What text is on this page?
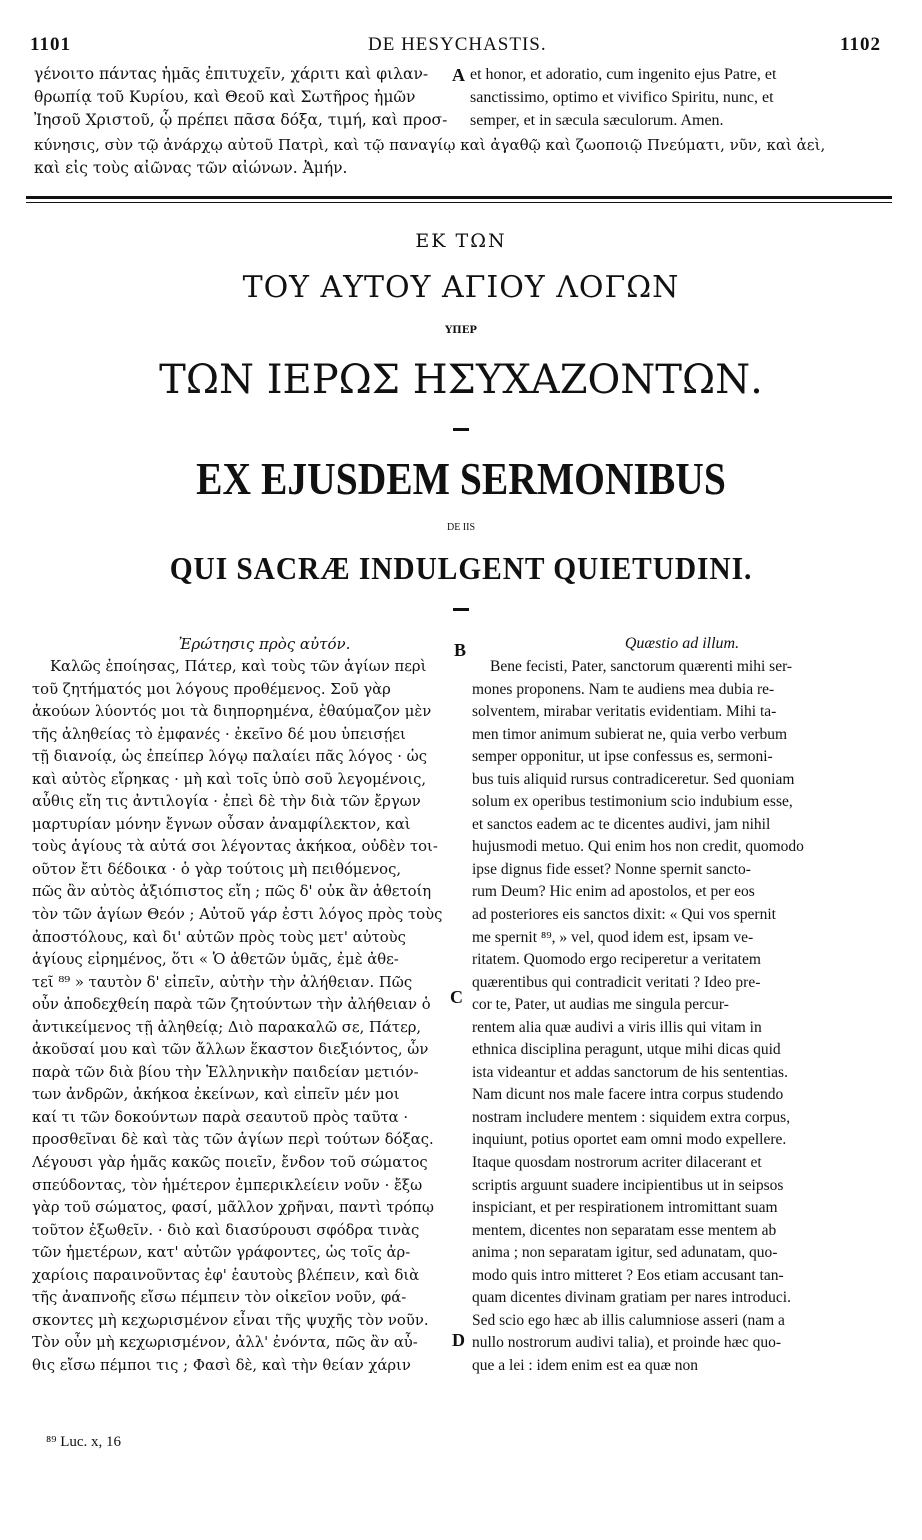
1101	DE HESYCHASTIS.	1102
γένοιτο πάντας ἡμᾶς ἐπιτυχεῖν, χάριτι καὶ φιλαν-
θρωπίᾳ τοῦ Κυρίου, καὶ Θεοῦ καὶ Σωτῆρος ἡμῶν
Ἰησοῦ Χριστοῦ, ᾧ πρέπει πᾶσα δόξα, τιμή, καὶ προσ-
κύνησις, σὺν τῷ ἀνάρχῳ αὐτοῦ Πατρὶ, καὶ τῷ παναγίῳ καὶ ἀγαθῷ καὶ ζωοποιῷ Πνεύματι, νῦν, καὶ ἀεὶ,
καὶ εἰς τοὺς αἰῶνας τῶν αἰώνων. Ἀμήν.
A et honor, et adoratio, cum ingenito ejus Patre, et
sanctissimo, optimo et vivifico Spiritu, nunc, et
semper, et in sæcula sæculorum. Amen.
ΕΚ ΤΩΝ
ΤΟΥ ΑΥΤΟΥ ΑΓΙΟΥ ΛΟΓΩΝ
ΥΠΕΡ
ΤΩΝ ΙΕΡΩΣ ΗΣΥΧΑΖΟΝΤΩΝ.
EX EJUSDEM SERMONIBUS
DE IIS
QUI SACRÆ INDULGENT QUIETUDINI.
Ἐρώτησις πρὸς αὐτόν.
Καλῶς ἐποίησας, Πάτερ, καὶ τοὺς τῶν ἁγίων περὶ
τοῦ ζητήματός μοι λόγους προθέμενος. Σοῦ γὰρ
ἀκούων λύοντός μοι τὰ διηπορημένα, ἐθαύμαζον μὲν
τῆς ἀληθείας τὸ ἐμφανές · ἐκεῖνο δέ μου ὑπεισῄει
τῇ διανοίᾳ, ὡς ἐπείπερ λόγῳ παλαίει πᾶς λόγος · ὡς
καὶ αὐτὸς εἴρηκας · μὴ καὶ τοῖς ὑπὸ σοῦ λεγομένοις,
αὖθις εἴη τις ἀντιλογία · ἐπεὶ δὲ τὴν διὰ τῶν ἔργων
μαρτυρίαν μόνην ἔγνων οὖσαν ἀναμφίλεκτον, καὶ
τοὺς ἁγίους τὰ αὐτά σοι λέγοντας ἀκήκοα, οὐδὲν τοι-
οῦτον ἔτι δέδοικα · ὁ γὰρ τούτοις μὴ πειθόμενος,
πῶς ἂν αὐτὸς ἀξιόπιστος εἴη ; πῶς δ' οὐκ ἂν ἀθετοίη
τὸν τῶν ἁγίων Θεόν ; Αὐτοῦ γάρ ἐστι λόγος πρὸς τοὺς
ἀποστόλους, καὶ δι' αὐτῶν πρὸς τοὺς μετ' αὐτοὺς
ἁγίους εἰρημένος, ὅτι « Ὁ ἀθετῶν ὑμᾶς, ἐμὲ ἀθε-
τεῖ ⁸⁹ » ταυτὸν δ' εἰπεῖν, αὐτὴν τὴν ἀλήθειαν. Πῶς
οὖν ἀποδεχθείη παρὰ τῶν ζητούντων τὴν ἀλήθειαν ὁ
ἀντικείμενος τῇ ἀληθείᾳ; Διὸ παρακαλῶ σε, Πάτερ,
ἀκοῦσαί μου καὶ τῶν ἄλλων ἕκαστον διεξιόντος, ὧν
παρὰ τῶν διὰ βίου τὴν Ἑλληνικὴν παιδείαν μετιόν-
των ἀνδρῶν, ἀκήκοα ἐκείνων, καὶ εἰπεῖν μέν μοι
καί τι τῶν δοκούντων παρὰ σεαυτοῦ πρὸς ταῦτα ·
προσθεῖναι δὲ καὶ τὰς τῶν ἁγίων περὶ τούτων δόξας.
Λέγουσι γὰρ ἡμᾶς κακῶς ποιεῖν, ἔνδον τοῦ σώματος
σπεύδοντας, τὸν ἡμέτερον ἐμπερικλείειν νοῦν · ἔξω
γὰρ τοῦ σώματος, φασί, μᾶλλον χρῆναι, παντὶ τρόπῳ
τοῦτον ἐξωθεῖν. · διὸ καὶ διασύρουσι σφόδρα τινὰς
τῶν ἡμετέρων, κατ' αὐτῶν γράφοντες, ὡς τοῖς ἀρ-
χαρίοις παραινοῦντας ἐφ' ἑαυτοὺς βλέπειν, καὶ διὰ
τῆς ἀναπνοῆς εἴσω πέμπειν τὸν οἰκεῖον νοῦν, φά-
σκοντες μὴ κεχωρισμένον εἶναι τῆς ψυχῆς τὸν νοῦν.
Τὸν οὖν μὴ κεχωρισμένον, ἀλλ' ἐνόντα, πῶς ἂν αὖ-
θις εἴσω πέμποι τις ; Φασὶ δὲ, καὶ τὴν θείαν χάριν
B
C
D
Quæstio ad illum.
Bene fecisti, Pater, sanctorum quærenti mihi ser-
mones proponens. Nam te audiens mea dubia re-
solventem, mirabar veritatis evidentiam. Mihi ta-
men timor animum subierat ne, quia verbo verbum
semper opponitur, ut ipse confessus es, sermoni-
bus tuis aliquid rursus contradiceretur. Sed quoniam
solum ex operibus testimonium scio indubium esse,
et sanctos eadem ac te dicentes audivi, jam nihil
hujusmodi metuo. Qui enim hos non credit, quomodo
ipse dignus fide esset? Nonne spernit sancto-
rum Deum? Hic enim ad apostolos, et per eos
ad posteriores eis sanctos dixit: « Qui vos spernit
me spernit ⁸⁹, » vel, quod idem est, ipsam ve-
ritatem. Quomodo ergo reciperetur a veritatem
quærentibus qui contradicit veritati ? Ideo pre-
cor te, Pater, ut audias me singula percur-
rentem alia quæ audivi a viris illis qui vitam in
ethnica disciplina peragunt, utque mihi dicas quid
ista videantur et addas sanctorum de his sententias.
Nam dicunt nos male facere intra corpus studendo
nostram includere mentem : siquidem extra corpus,
inquiunt, potius oportet eam omni modo expellere.
Itaque quosdam nostrorum acriter dilacerant et
scriptis arguunt suadere incipientibus ut in seipsos
inspiciant, et per respirationem intromittant suam
mentem, dicentes non separatam esse mentem ab
anima ; non separatam igitur, sed adunatam, quo-
modo quis intro mitteret ? Eos etiam accusant tan-
quam dicentes divinam gratiam per nares introduci.
Sed scio ego hæc ab illis calumniose asseri (nam a
nullo nostrorum audivi talia), et proinde hæc quo-
que a lei : idem enim est ea quæ non
⁸⁹ Luc. x, 16
